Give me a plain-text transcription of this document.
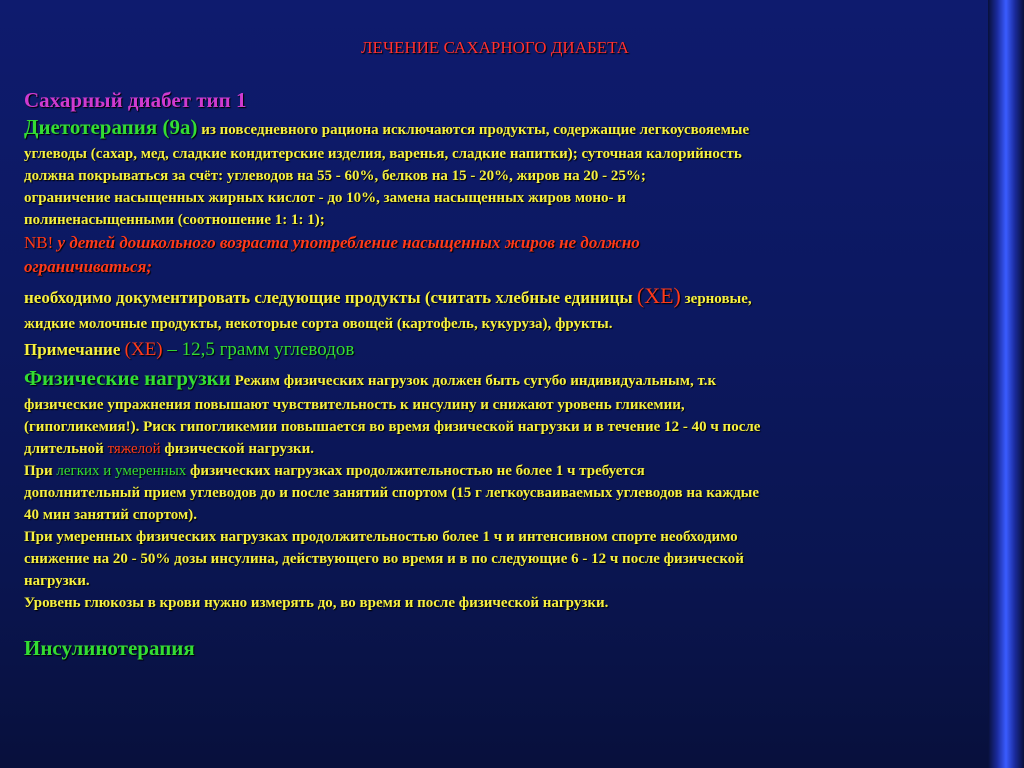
ЛЕЧЕНИЕ САХАРНОГО ДИАБЕТА

Сахарный диабет тип 1

Диетотерапия (9а) из повседневного рациона исключаются продукты, содержащие легкоусвояемые

углеводы (сахар, мед, сладкие кондитерские изделия, варенья, сладкие напитки); суточная калорийность

должна покрываться за счёт: углеводов на 55 - 60%, белков на 15 - 20%, жиров на 20 - 25%;

ограничение насыщенных жирных кислот - до 10%, замена насыщенных жиров моно- и

полиненасыщенными (соотношение 1: 1: 1);

NB! у детей дошкольного возраста употребление насыщенных жиров не должно

ограничиваться;

необходимо документировать следующие продукты (считать хлебные единицы (ХЕ) зерновые,

жидкие молочные продукты, некоторые сорта овощей (картофель, кукуруза), фрукты.

Примечание (ХЕ) – 12,5 грамм углеводов

Физические нагрузки Режим физических нагрузок должен быть сугубо индивидуальным, т.к

физические упражнения повышают чувствительность к инсулину и снижают уровень гликемии,

(гипогликемия!). Риск гипогликемии повышается во время физической нагрузки и в течение 12 - 40 ч после

длительной тяжелой физической нагрузки.

При легких и умеренных физических нагрузках продолжительностью не более 1 ч требуется

дополнительный прием углеводов до и после занятий спортом (15 г легкоусваиваемых углеводов на каждые

40 мин занятий спортом).

При умеренных физических нагрузках продолжительностью более 1 ч и интенсивном спорте необходимо

снижение на 20 - 50% дозы инсулина, действующего во время и в по следующие 6 - 12 ч после физической

нагрузки.

Уровень глюкозы в крови нужно измерять до, во время и после физической нагрузки.

Инсулинотерапия
